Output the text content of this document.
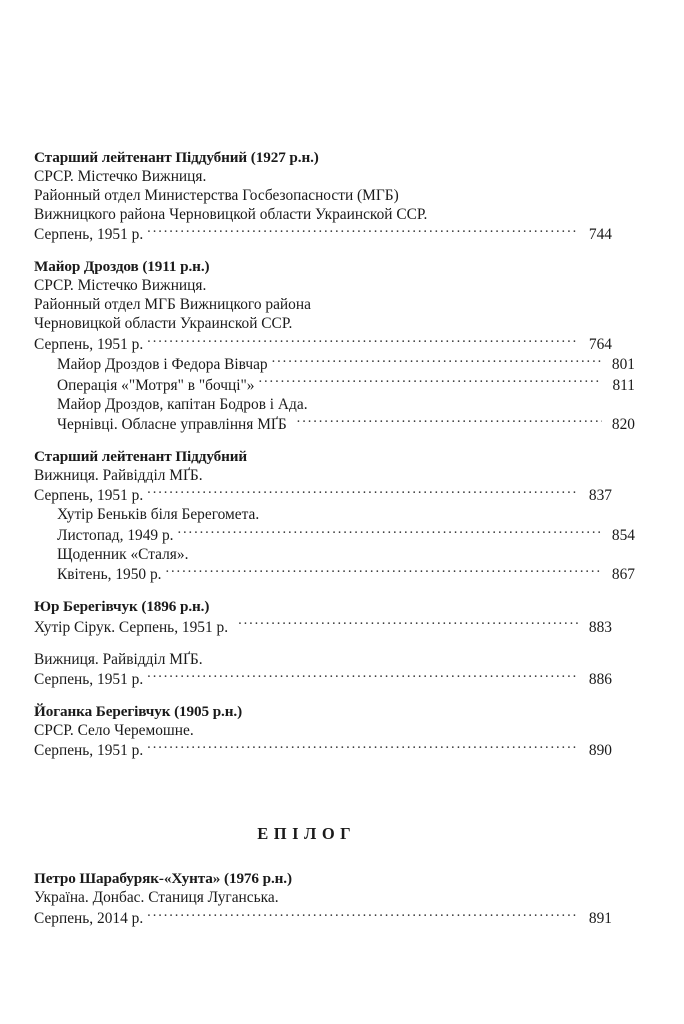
Старший лейтенант Піддубний (1927 р.н.)
СРСР. Містечко Вижниця.
Районный отдел Министерства Госбезопасности (МГБ)
Вижницкого района Черновицкой области Украинской ССР.
Серпень, 1951 р. .....	744
Майор Дроздов (1911 р.н.)
СРСР. Містечко Вижниця.
Районный отдел МГБ Вижницкого района
Черновицкой области Украинской ССР.
Серпень, 1951 р. .....	764
Майор Дроздов і Федора Вівчар .....	801
Операція «"Мотря" в "бочці"» .....	811
Майор Дроздов, капітан Бодров і Ада.
Чернівці. Обласне управління МҐБ .....	820
Старший лейтенант Піддубний
Вижниця. Райвідділ МҐБ.
Серпень, 1951 р. .....	837
Хутір Беньків біля Берегомета.
Листопад, 1949 р. .....	854
Щоденник «Сталя».
Квітень, 1950 р. .....	867
Юр Берегівчук (1896 р.н.)
Хутір Сірук. Серпень, 1951 р. .....	883
Вижниця. Райвідділ МҐБ.
Серпень, 1951 р. .....	886
Йоганка Берегівчук (1905 р.н.)
СРСР. Село Черемошне.
Серпень, 1951 р. .....	890
ЕПІЛОГ
Петро Шарабуряк-«Хунта» (1976 р.н.)
Україна. Донбас. Станиця Луганська.
Серпень, 2014 р. .....	891
